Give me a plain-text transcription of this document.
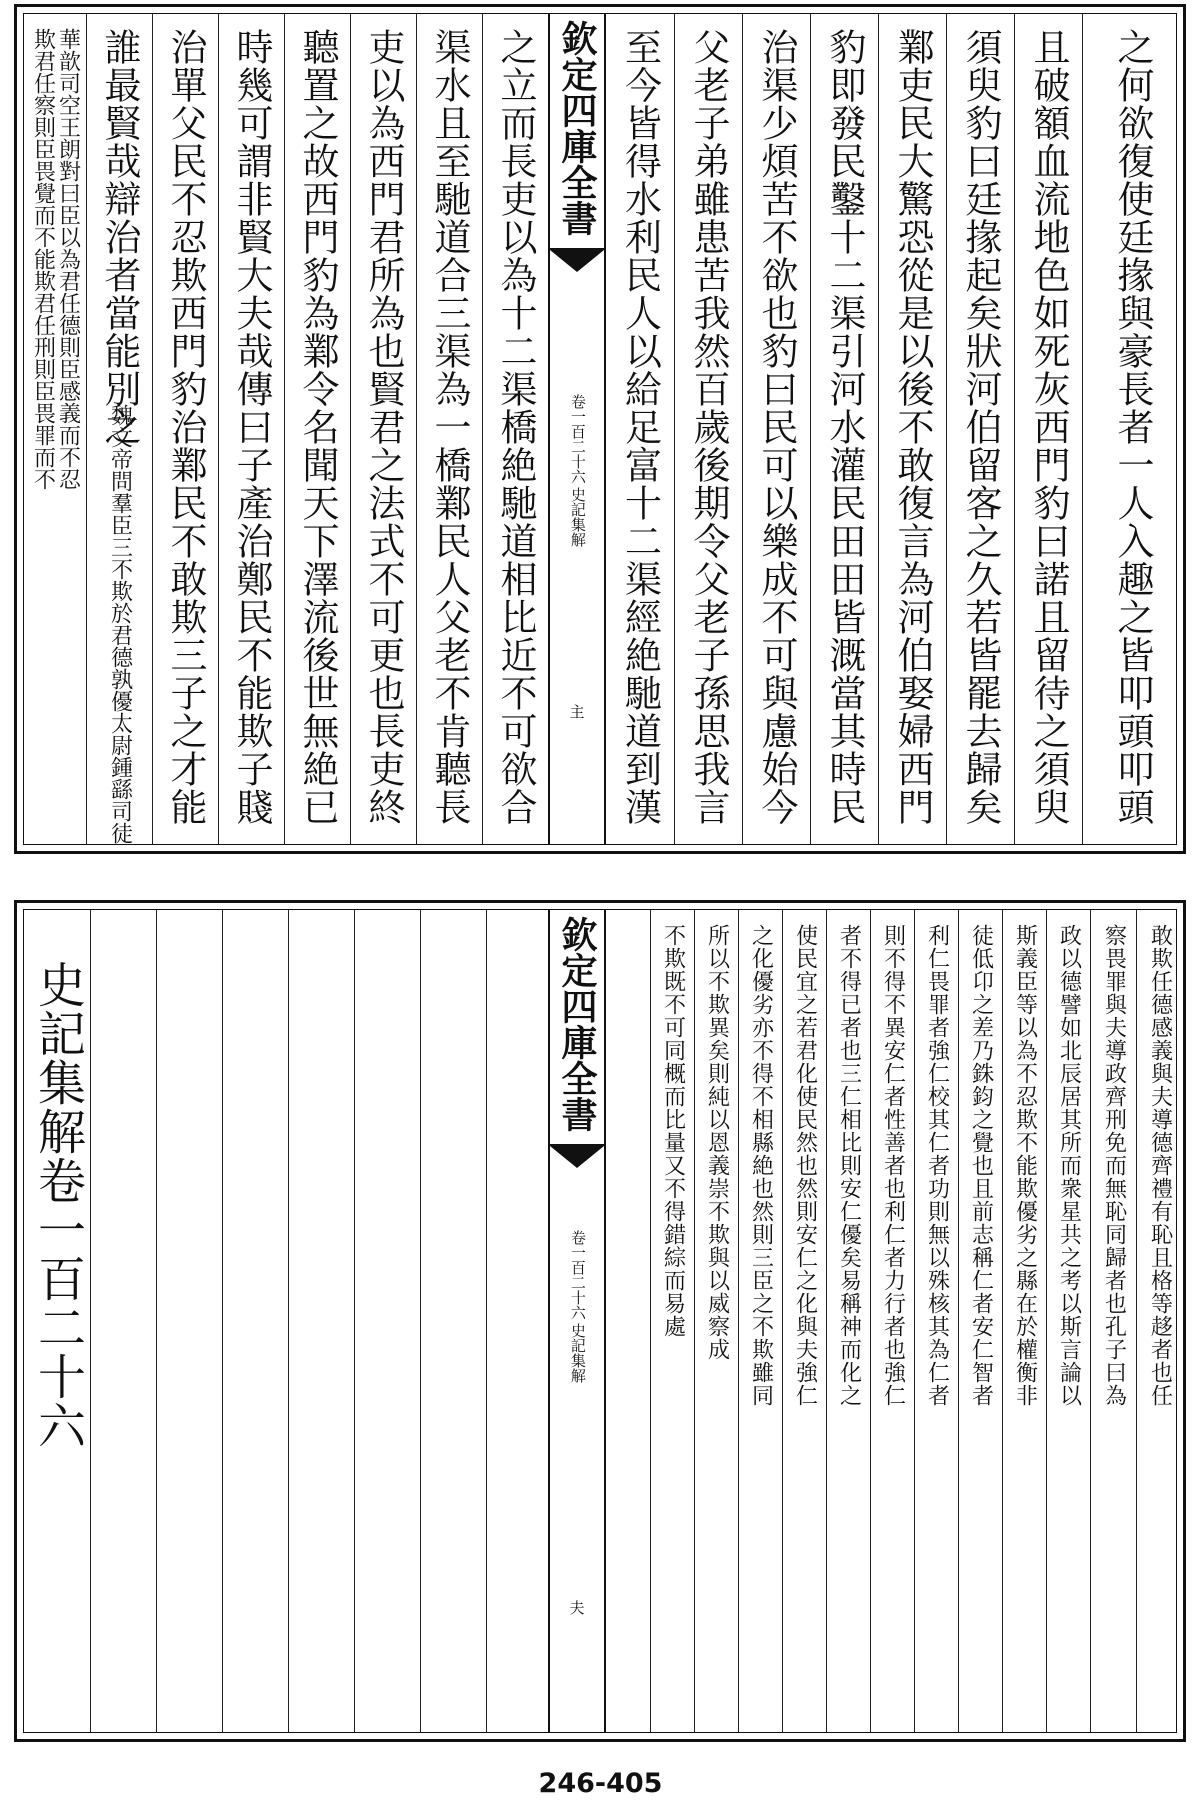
華歆司空王朗對曰臣以為君任德則臣感義而不忍
欺君任察則臣畏覺而不能欺君任刑則臣畏罪而不 誰最賢哉辯治者當能別之
魏文帝問羣臣三不欺於君德孰優太尉鍾繇司徒 治單父民不忍欺西門豹治鄴民不敢欺三子之才能 時幾可謂非賢大夫哉傳曰子產治鄭民不能欺子賤 聽置之故西門豹為鄴令名聞天下澤流後世無絶已 吏以為西門君所為也賢君之法式不可更也長吏終 渠水且至馳道合三渠為一橋鄴民人父老不肯聽長 之立而長吏以為十二渠橋絶馳道相比近不可欲合 欽定四庫全書
史記集解
卷一百二十六
主 至今皆得水利民人以給足富十二渠經絶馳道到漢 父老子弟雖患苦我然百歲後期令父老子孫思我言 治渠少煩苦不欲也豹曰民可以樂成不可與慮始今 豹即發民鑿十二渠引河水灌民田田皆溉當其時民 鄴吏民大驚恐從是以後不敢復言為河伯娶婦西門 須臾豹曰廷掾起矣狀河伯留客之久若皆罷去歸矣 且破額血流地色如死灰西門豹曰諾且留待之須臾 之何欲復使廷掾與豪長者一人入趣之皆叩頭叩頭
史記集解卷一百二十六	欽定四庫全書
史記集解
卷一百二十六
夫
不欺既不可同概而比量又不得錯綜而易處 所以不欺異矣則純以恩義崇不欺與以威察成 之化優劣亦不得不相縣絶也然則三臣之不欺雖同 使民宜之若君化使民然也然則安仁之化與夫強仁 者不得已者也三仁相比則安仁優矣易稱神而化之 則不得不異安仁者性善者也利仁者力行者也強仁 利仁畏罪者強仁校其仁者功則無以殊核其為仁者 徒低卬之差乃銖鈞之覺也且前志稱仁者安仁智者 斯義臣等以為不忍欺不能欺優劣之縣在於權衡非 政以德譬如北辰居其所而衆星共之考以斯言論以 察畏罪與夫導政齊刑免而無恥同歸者也孔子曰為 敢欺任德感義與夫導德齊禮有恥且格等趍者也任
246-405
